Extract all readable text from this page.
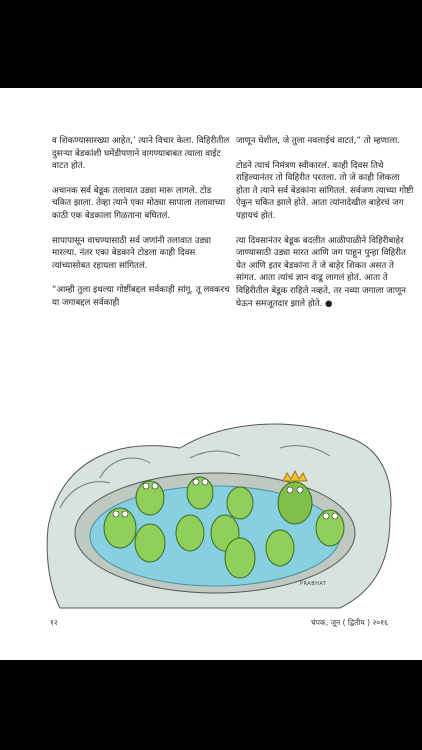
व शिकण्यासारख्या आहेत,’ त्याने विचार केला. विहिरीतील दुसऱ्या बेडकांशी घमेंडीपणाने वागण्याबाबत त्याला वाईट वाटत होतं.

अचानक सर्व बेडूक तलावात उड्या मारू लागले. टोड चकित झाला. तेव्हा त्याने एका मोठ्या सापाला तलावाच्या काठी एक बेडकाला गिळताना बघितलं.

सापापासून वाचण्यासाठी सर्व जणांनी तलावात उड्या मारल्या. नंतर एका बेडकाने टोडला काही दिवस त्यांच्यासोबत रहायला सांगितलं.

“आम्ही तुला इथल्या गोष्टींबद्दल सर्वकाही सांगू. तू लवकरच या जगाबद्दल सर्वकाही

जाणून घेशील, जे तुला नवलाईचं वाटतं,” तो म्हणाला.

टोडने त्याचं निमंत्रण स्वीकारलं. काही दिवस तिथे राहिल्यानंतर तो विहिरीत परतला. तो जे काही शिकला होता ते त्याने सर्व बेडकांना सांगितलं. सर्वजण त्याच्या गोष्टी ऐकून चकित झाले होते. आता त्यांनादेखील बाहेरचं जग पहायचं होतं.

त्या दिवसानंतर बेडूक बदलीत आळीपाळीने विहिरीबाहेर जाण्यासाठी उड्या मारत आणि जग पाहून पुन्हा विहिरीत येत आणि इतर बेडकांना ते जे बाहेर शिकत असत ते सांगत. आता त्यांचं ज्ञान वाढू लागलं होतं. आता ते विहिरीतील बेडूक राहिले नव्हते, तर नव्या जगाला जाणून घेऊन समजूतदार झाले होते. ●

PRABHAT
१२	चंपक, जून ( द्वितीय ) २०१६
